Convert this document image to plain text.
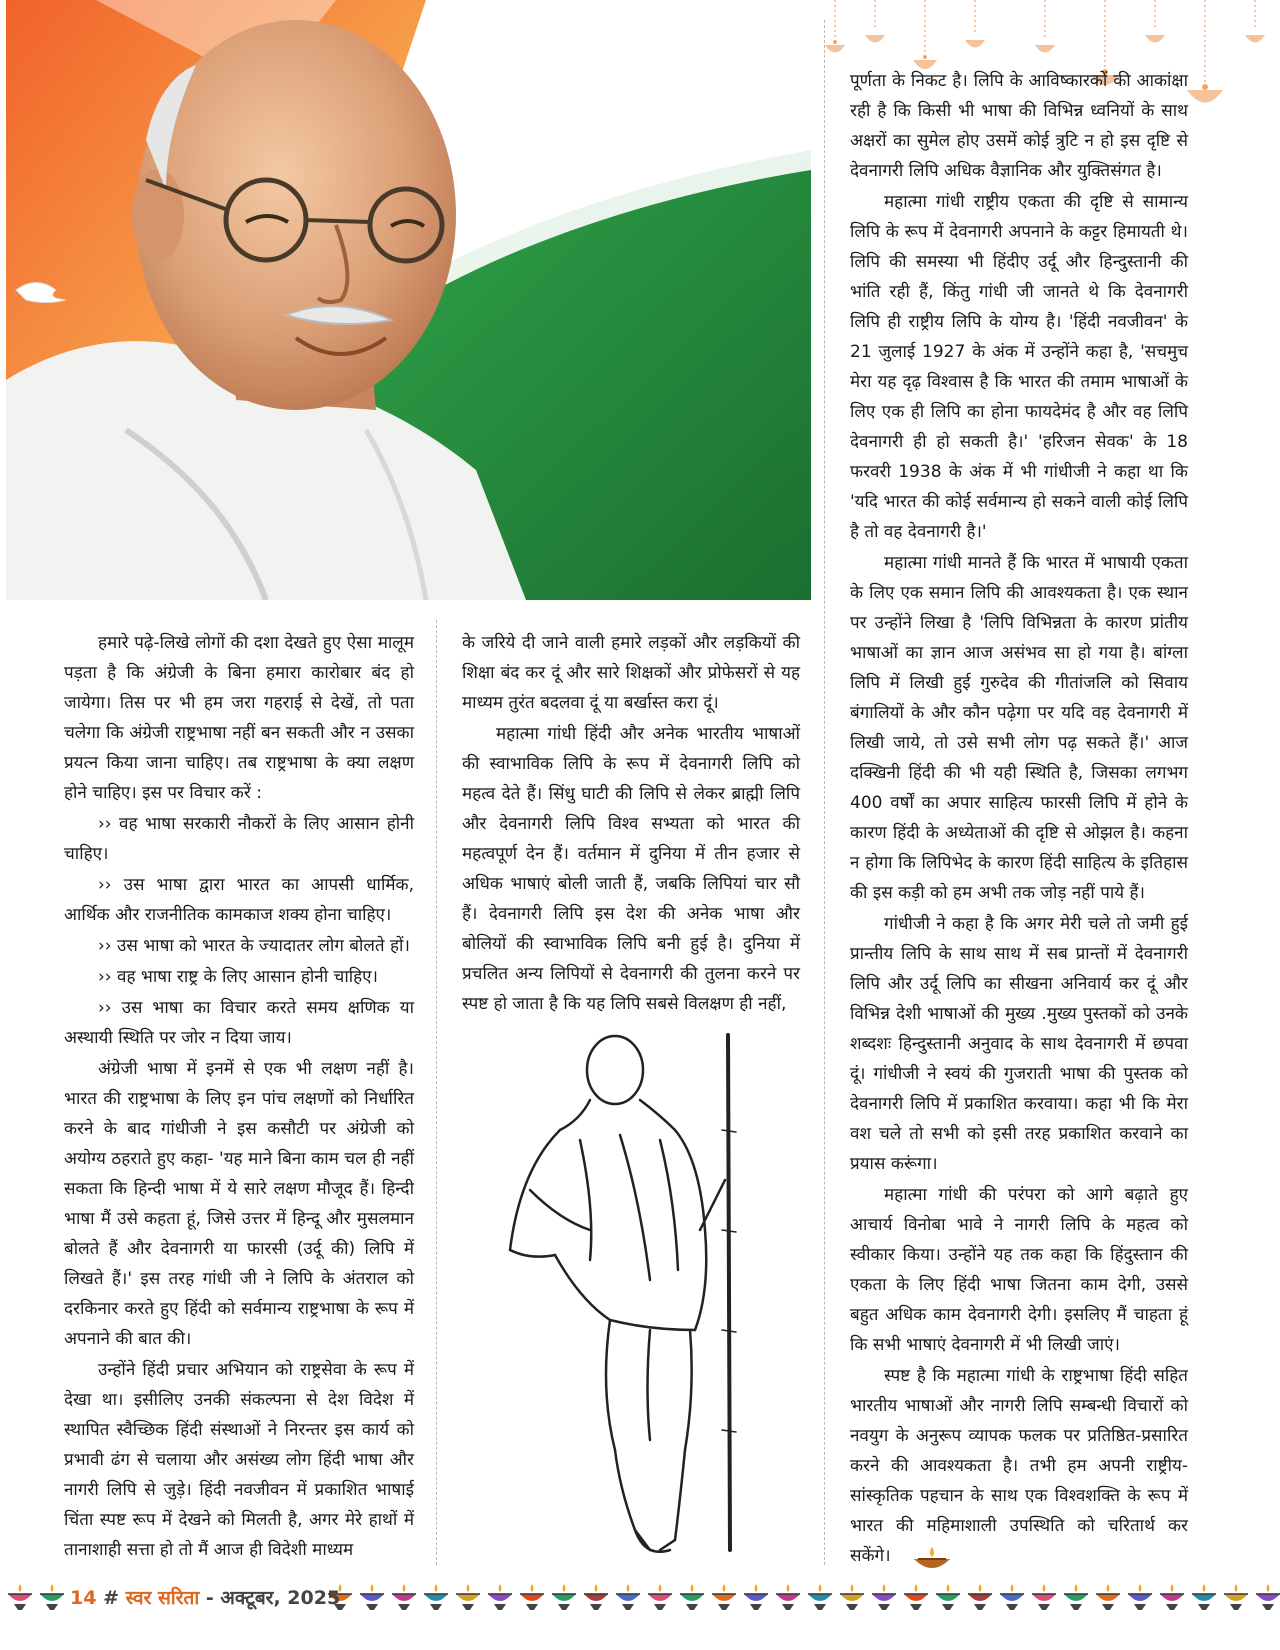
हमारे पढ़े-लिखे लोगों की दशा देखते हुए ऐसा मालूम पड़ता है कि अंग्रेजी के बिना हमारा कारोबार बंद हो जायेगा। तिस पर भी हम जरा गहराई से देखें, तो पता चलेगा कि अंग्रेजी राष्ट्रभाषा नहीं बन सकती और न उसका प्रयत्न किया जाना चाहिए। तब राष्ट्रभाषा के क्या लक्षण होने चाहिए। इस पर विचार करें :

›› वह भाषा सरकारी नौकरों के लिए आसान होनी चाहिए।

›› उस भाषा द्वारा भारत का आपसी धार्मिक, आर्थिक और राजनीतिक कामकाज शक्य होना चाहिए।

›› उस भाषा को भारत के ज्यादातर लोग बोलते हों।

›› वह भाषा राष्ट्र के लिए आसान होनी चाहिए।

›› उस भाषा का विचार करते समय क्षणिक या अस्थायी स्थिति पर जोर न दिया जाय।

अंग्रेजी भाषा में इनमें से एक भी लक्षण नहीं है। भारत की राष्ट्रभाषा के लिए इन पांच लक्षणों को निर्धारित करने के बाद गांधीजी ने इस कसौटी पर अंग्रेजी को अयोग्य ठहराते हुए कहा- 'यह माने बिना काम चल ही नहीं सकता कि हिन्दी भाषा में ये सारे लक्षण मौजूद हैं। हिन्दी भाषा मैं उसे कहता हूं, जिसे उत्तर में हिन्दू और मुसलमान बोलते हैं और देवनागरी या फारसी (उर्दू की) लिपि में लिखते हैं।' इस तरह गांधी जी ने लिपि के अंतराल को दरकिनार करते हुए हिंदी को सर्वमान्य राष्ट्रभाषा के रूप में अपनाने की बात की।

उन्होंने हिंदी प्रचार अभियान को राष्ट्रसेवा के रूप में देखा था। इसीलिए उनकी संकल्पना से देश विदेश में स्थापित स्वैच्छिक हिंदी संस्थाओं ने निरन्तर इस कार्य को प्रभावी ढंग से चलाया और असंख्य लोग हिंदी भाषा और नागरी लिपि से जुड़े। हिंदी नवजीवन में प्रकाशित भाषाई चिंता स्पष्ट रूप में देखने को मिलती है, अगर मेरे हाथों में तानाशाही सत्ता हो तो मैं आज ही विदेशी माध्यम

के जरिये दी जाने वाली हमारे लड़कों और लड़कियों की शिक्षा बंद कर दूं और सारे शिक्षकों और प्रोफेसरों से यह माध्यम तुरंत बदलवा दूं या बर्खास्त करा दूं।

महात्मा गांधी हिंदी और अनेक भारतीय भाषाओं की स्वाभाविक लिपि के रूप में देवनागरी लिपि को महत्व देते हैं। सिंधु घाटी की लिपि से लेकर ब्राह्मी लिपि और देवनागरी लिपि विश्व सभ्यता को भारत की महत्वपूर्ण देन हैं। वर्तमान में दुनिया में तीन हजार से अधिक भाषाएं बोली जाती हैं, जबकि लिपियां चार सौ हैं। देवनागरी लिपि इस देश की अनेक भाषा और बोलियों की स्वाभाविक लिपि बनी हुई है। दुनिया में प्रचलित अन्य लिपियों से देवनागरी की तुलना करने पर स्पष्ट हो जाता है कि यह लिपि सबसे विलक्षण ही नहीं,

पूर्णता के निकट है। लिपि के आविष्कारकों की आकांक्षा रही है कि किसी भी भाषा की विभिन्न ध्वनियों के साथ अक्षरों का सुमेल होए उसमें कोई त्रुटि न हो इस दृष्टि से देवनागरी लिपि अधिक वैज्ञानिक और युक्तिसंगत है।

महात्मा गांधी राष्ट्रीय एकता की दृष्टि से सामान्य लिपि के रूप में देवनागरी अपनाने के कट्टर हिमायती थे। लिपि की समस्या भी हिंदीए उर्दू और हिन्दुस्तानी की भांति रही हैं, किंतु गांधी जी जानते थे कि देवनागरी लिपि ही राष्ट्रीय लिपि के योग्य है। 'हिंदी नवजीवन' के 21 जुलाई 1927 के अंक में उन्होंने कहा है, 'सचमुच मेरा यह दृढ़ विश्वास है कि भारत की तमाम भाषाओं के लिए एक ही लिपि का होना फायदेमंद है और वह लिपि देवनागरी ही हो सकती है।' 'हरिजन सेवक' के 18 फरवरी 1938 के अंक में भी गांधीजी ने कहा था कि 'यदि भारत की कोई सर्वमान्य हो सकने वाली कोई लिपि है तो वह देवनागरी है।'

महात्मा गांधी मानते हैं कि भारत में भाषायी एकता के लिए एक समान लिपि की आवश्यकता है। एक स्थान पर उन्होंने लिखा है 'लिपि विभिन्नता के कारण प्रांतीय भाषाओं का ज्ञान आज असंभव सा हो गया है। बांग्ला लिपि में लिखी हुई गुरुदेव की गीतांजलि को सिवाय बंगालियों के और कौन पढ़ेगा पर यदि वह देवनागरी में लिखी जाये, तो उसे सभी लोग पढ़ सकते हैं।' आज दक्खिनी हिंदी की भी यही स्थिति है, जिसका लगभग 400 वर्षों का अपार साहित्य फारसी लिपि में होने के कारण हिंदी के अध्येताओं की दृष्टि से ओझल है। कहना न होगा कि लिपिभेद के कारण हिंदी साहित्य के इतिहास की इस कड़ी को हम अभी तक जोड़ नहीं पाये हैं।

गांधीजी ने कहा है कि अगर मेरी चले तो जमी हुई प्रान्तीय लिपि के साथ साथ में सब प्रान्तों में देवनागरी लिपि और उर्दू लिपि का सीखना अनिवार्य कर दूं और विभिन्न देशी भाषाओं की मुख्य .मुख्य पुस्तकों को उनके शब्दशः हिन्दुस्तानी अनुवाद के साथ देवनागरी में छपवा दूं। गांधीजी ने स्वयं की गुजराती भाषा की पुस्तक को देवनागरी लिपि में प्रकाशित करवाया। कहा भी कि मेरा वश चले तो सभी को इसी तरह प्रकाशित करवाने का प्रयास करूंगा।

महात्मा गांधी की परंपरा को आगे बढ़ाते हुए आचार्य विनोबा भावे ने नागरी लिपि के महत्व को स्वीकार किया। उन्होंने यह तक कहा कि हिंदुस्तान की एकता के लिए हिंदी भाषा जितना काम देगी, उससे बहुत अधिक काम देवनागरी देगी। इसलिए मैं चाहता हूं कि सभी भाषाएं देवनागरी में भी लिखी जाएं।

स्पष्ट है कि महात्मा गांधी के राष्ट्रभाषा हिंदी सहित भारतीय भाषाओं और नागरी लिपि सम्बन्धी विचारों को नवयुग के अनुरूप व्यापक फलक पर प्रतिष्ठित-प्रसारित करने की आवश्यकता है। तभी हम अपनी राष्ट्रीय-सांस्कृतिक पहचान के साथ एक विश्वशक्ति के रूप में भारत की महिमाशाली उपस्थिति को चरितार्थ कर सकेंगे।

14 # स्वर सरिता - अक्टूबर, 2025
